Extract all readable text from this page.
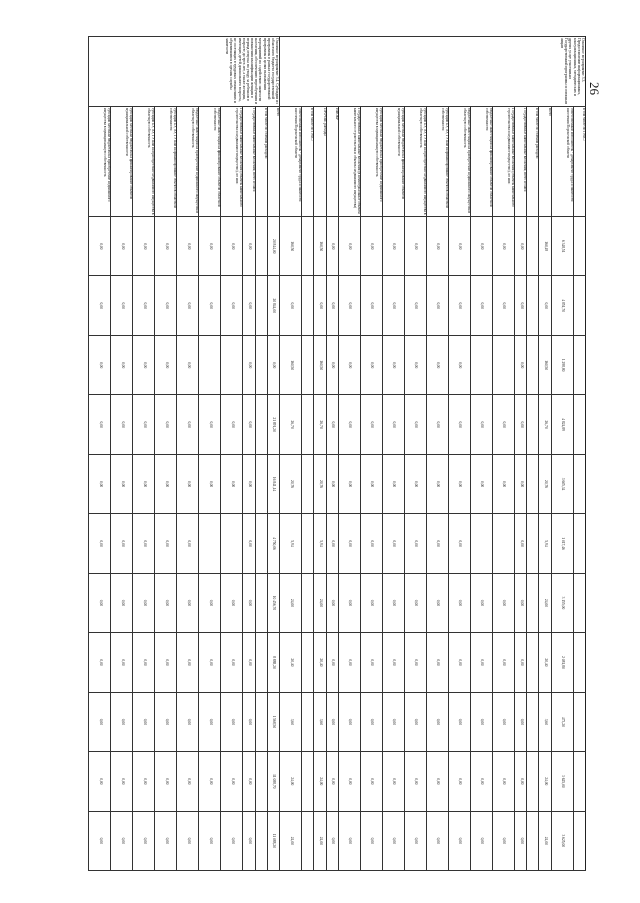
26
Основное мероприятие 3.3. Предоставление информационных, консультационных, методических и других услуг участникам Государственной программы и смежным лицам	в том числе по ГРБС:											
	ответственный исполнитель - департамент труда и занятости населения Воронежской области	6 348,51	4 851,70	1 298,80	4 824,89	3 605,34	1 017,46	3 155,00	2 081,80	473,20	3 625,00	3 625,00
	всего	160,49	0,00	160,50	26,70	20,76	5,94	24,00	20,40	3,60	24,00	24,00
	в том числе по статьям расходов:											
	Государственные капитальные вложения, всего из них:	0,00	0,00	0,00	0,00	0,00	0,00	0,00	0,00	0,00	0,00	0,00
	Государственные капитальные вложения (объекты капитального строительства и недвижимое имущество), из них:	0,00	0,00		0,00	0,00		0,00	0,00	0,00	0,00	0,00
	бюджетные инвестиции на финансирование объектов областной собственности	0,00	0,00		0,00	0,00		0,00	0,00	0,00	0,00	0,00
	бюджетные инвестиции на приобретение недвижимого имущества в областную собственность	0,00	0,00	0,00	0,00	0,00	0,00	0,00	0,00	0,00	0,00	0,00
	субсидии БУ, АУ, ГУПам на финансирование объектов областной собственности	0,00	0,00	0,00	0,00	0,00	0,00	0,00	0,00	0,00	0,00	0,00
	субсидии БУ, АУ, ГУПам на приобретение недвижимого имущества в областную собственность	0,00	0,00	0,00	0,00	0,00	0,00	0,00	0,00	0,00	0,00	0,00
	субсидии местным бюджетам на финансирование объектов муниципальной собственности	0,00	0,00	0,00	0,00	0,00	0,00	0,00	0,00	0,00	0,00	0,00
	субсидии местным бюджетам на приобретение недвижимого имущества в муниципальную собственность	0,00	0,00	0,00	0,00	0,00	0,00	0,00	0,00	0,00	0,00	0,00
	Государственные капитальные вложения (в нематериальные объекты капитального строительства и объекты недвижимого имущества)	0,00	0,00	0,00	0,00	0,00	0,00	0,00	0,00	0,00	0,00	0,00
	НИОКР	0,00	0,00	0,00	0,00	0,00	0,00	0,00	0,00	0,00	0,00	0,00
	ПРОЧИЕ расходы	160,50	0,00	160,50	26,70	20,76	5,94	24,00	20,40	3,60	24,00	24,00
	в том числе по ГРБС:											
	ответственный исполнитель - департамент труда и занятости населения Воронежской области	160,50	0,00	160,50	26,70	20,76	5,94	24,00	20,40	3,60	24,00	24,00
Основное мероприятие 3.4. Субсидии из областного бюджета государственной программы в рамках государственной программы в целях выполнения мероприятий по содействию занятости населения, обеспечению переобучения и повышения квалификации женщин в период отпуска по уходу за ребенком в возрасте до трех лет, а также женщин, имеющих детей дошкольного возраста, не состоящих в трудовых отношениях и обратившихся в органы службы занятости	всего	20 844,00	20 844,00	0,00	21 891,20	16 841,14	4 750,06	10 456,70	8 888,20	1 568,50	11 088,70	11 088,20
	в том числе по статьям расходов:											
	Государственные капитальные вложения, всего из них:	0,00	0,00	0,00	0,00	0,00	0,00	0,00	0,00	0,00	0,00	0,00
	Государственные капитальные вложения (объекты капитального строительства и недвижимое имущество), из них:	0,00	0,00		0,00	0,00		0,00	0,00	0,00	0,00	0,00
	бюджетные инвестиции на финансирование объектов областной собственности	0,00	0,00		0,00	0,00		0,00	0,00	0,00	0,00	0,00
	бюджетные инвестиции на приобретение недвижимого имущества в областную собственность	0,00	0,00	0,00	0,00	0,00	0,00	0,00	0,00	0,00	0,00	0,00
	субсидии БУ, АУ, ГУПам на финансирование объектов областной собственности	0,00	0,00	0,00	0,00	0,00	0,00	0,00	0,00	0,00	0,00	0,00
	субсидии БУ, АУ, ГУПам на приобретение недвижимого имущества в областную собственность	0,00	0,00	0,00	0,00	0,00	0,00	0,00	0,00	0,00	0,00	0,00
	субсидии местным бюджетам на финансирование объектов муниципальной собственности	0,00	0,00	0,00	0,00	0,00	0,00	0,00	0,00	0,00	0,00	0,00
	субсидии местным бюджетам на приобретение недвижимого имущества в муниципальную собственность	0,00	0,00	0,00	0,00	0,00	0,00	0,00	0,00	0,00	0,00	0,00
